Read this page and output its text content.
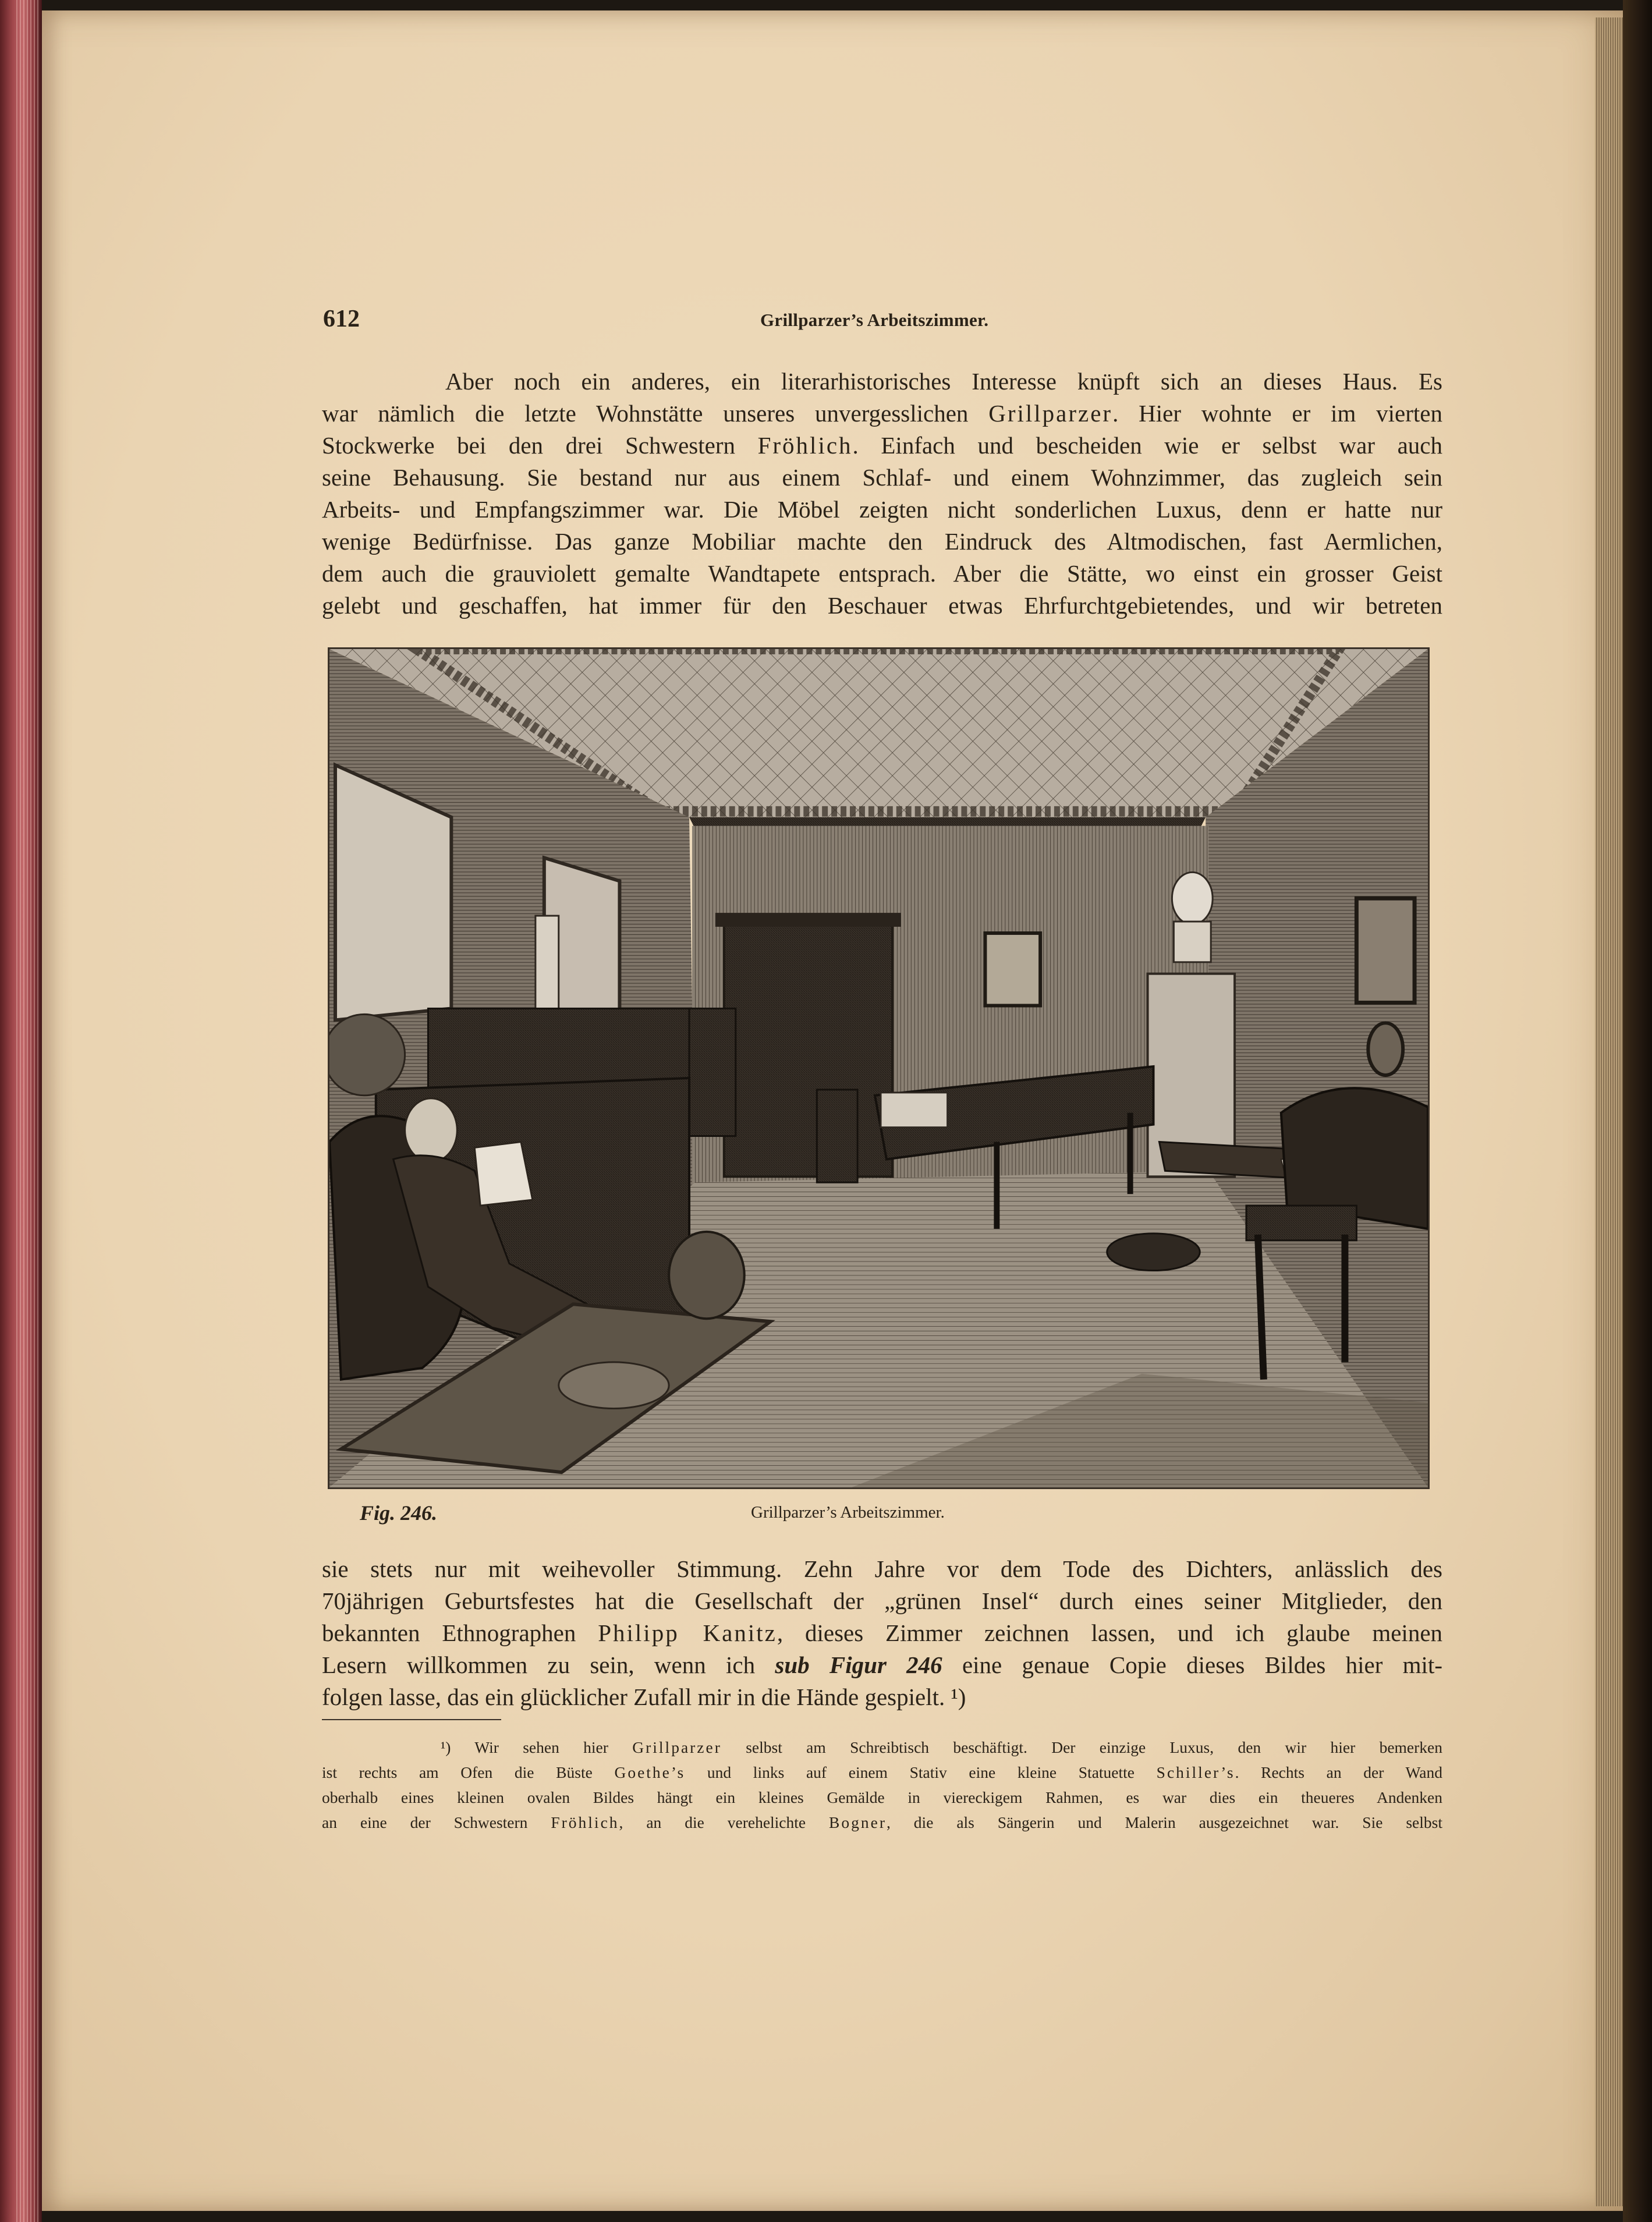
612	Grillparzer’s Arbeitszimmer.
Aber noch ein anderes, ein literarhistorisches Interesse knüpft sich an dieses Haus. Es
war nämlich die letzte Wohnstätte unseres unvergesslichen Grillparzer. Hier wohnte er im vierten
Stockwerke bei den drei Schwestern Fröhlich. Einfach und bescheiden wie er selbst war auch
seine Behausung. Sie bestand nur aus einem Schlaf- und einem Wohnzimmer, das zugleich sein
Arbeits- und Empfangszimmer war. Die Möbel zeigten nicht sonderlichen Luxus, denn er hatte nur
wenige Bedürfnisse. Das ganze Mobiliar machte den Eindruck des Altmodischen, fast Aermlichen,
dem auch die grauviolett gemalte Wandtapete entsprach. Aber die Stätte, wo einst ein grosser Geist
gelebt und geschaffen, hat immer für den Beschauer etwas Ehrfurchtgebietendes, und wir betreten
Fig. 246.	Grillparzer’s Arbeitszimmer.
sie stets nur mit weihevoller Stimmung. Zehn Jahre vor dem Tode des Dichters, anlässlich des
70jährigen Geburtsfestes hat die Gesellschaft der „grünen Insel“ durch eines seiner Mitglieder, den
bekannten Ethnographen Philipp Kanitz, dieses Zimmer zeichnen lassen, und ich glaube meinen
Lesern willkommen zu sein, wenn ich sub Figur 246 eine genaue Copie dieses Bildes hier mit-
folgen lasse, das ein glücklicher Zufall mir in die Hände gespielt. ¹)
¹) Wir sehen hier Grillparzer selbst am Schreibtisch beschäftigt. Der einzige Luxus, den wir hier bemerken
ist rechts am Ofen die Büste Goethe’s und links auf einem Stativ eine kleine Statuette Schiller’s. Rechts an der Wand
oberhalb eines kleinen ovalen Bildes hängt ein kleines Gemälde in viereckigem Rahmen, es war dies ein theueres Andenken
an eine der Schwestern Fröhlich, an die verehelichte Bogner, die als Sängerin und Malerin ausgezeichnet war. Sie selbst
